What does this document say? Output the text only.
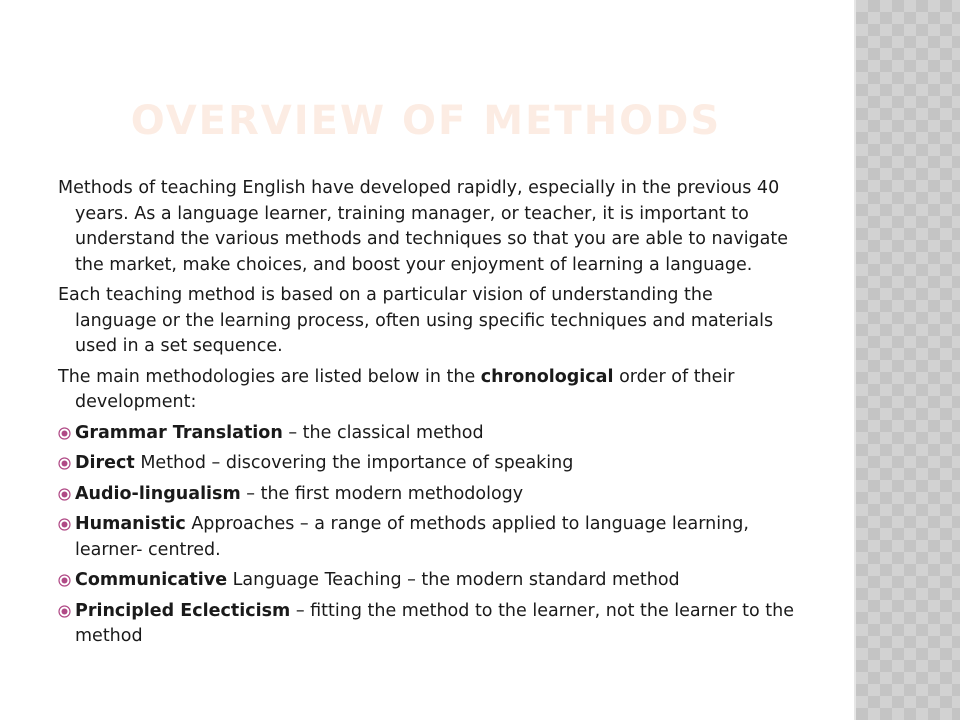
OVERVIEW OF METHODS

Methods of teaching English have developed rapidly, especially in the previous 40 years. As a language learner, training manager, or teacher, it is important to understand the various methods and techniques so that you are able to navigate the market, make choices, and boost your enjoyment of learning a language.

Each teaching method is based on a particular vision of understanding the language or the learning process, often using specific techniques and materials used in a set sequence.

The main methodologies are listed below in the chronological order of their development:

Grammar Translation – the classical method
Direct Method – discovering the importance of speaking
Audio-lingualism – the first modern methodology
Humanistic Approaches – a range of methods applied to language learning, learner- centred.
Communicative Language Teaching – the modern standard method
Principled Eclecticism – fitting the method to the learner, not the learner to the method
